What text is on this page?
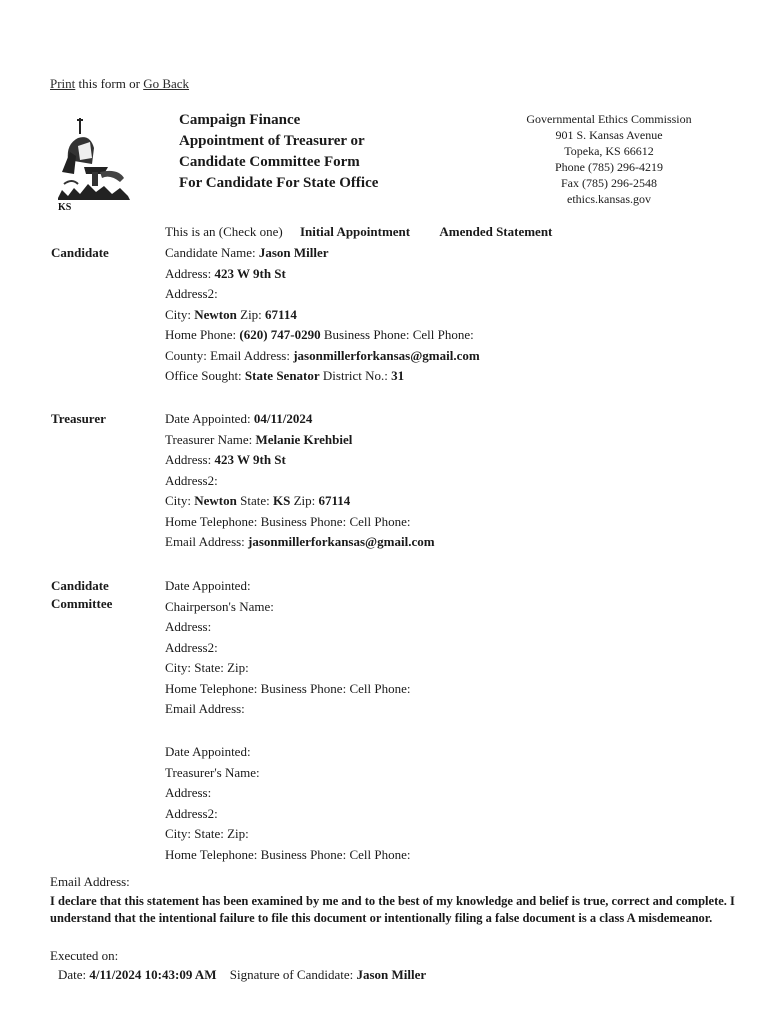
Print this form or Go Back
KS
Campaign Finance
Appointment of Treasurer or
Candidate Committee Form
For Candidate For State Office
Governmental Ethics Commission
901 S. Kansas Avenue
Topeka, KS 66612
Phone (785) 296-4219
Fax (785) 296-2548
ethics.kansas.gov
This is an (Check one) Initial Appointment Amended Statement
Candidate	Candidate Name: Jason Miller
Address: 423 W 9th St
Address2:
City: Newton Zip: 67114
Home Phone: (620) 747-0290 Business Phone: Cell Phone:
County: Email Address: jasonmillerforkansas@gmail.com
Office Sought: State Senator District No.: 31
Treasurer	Date Appointed: 04/11/2024
Treasurer Name: Melanie Krehbiel
Address: 423 W 9th St
Address2:
City: Newton State: KS Zip: 67114
Home Telephone: Business Phone: Cell Phone:
Email Address: jasonmillerforkansas@gmail.com
Candidate
Committee
Date Appointed:
Chairperson's Name:
Address:
Address2:
City: State: Zip:
Home Telephone: Business Phone: Cell Phone:
Email Address:
Date Appointed:
Treasurer's Name:
Address:
Address2:
City: State: Zip:
Home Telephone: Business Phone: Cell Phone:
Email Address:
I declare that this statement has been examined by me and to the best of my knowledge and belief is true, correct and complete. I understand that the intentional failure to file this document or intentionally filing a false document is a class A misdemeanor.
Executed on:
Date: 4/11/2024 10:43:09 AM Signature of Candidate: Jason Miller
